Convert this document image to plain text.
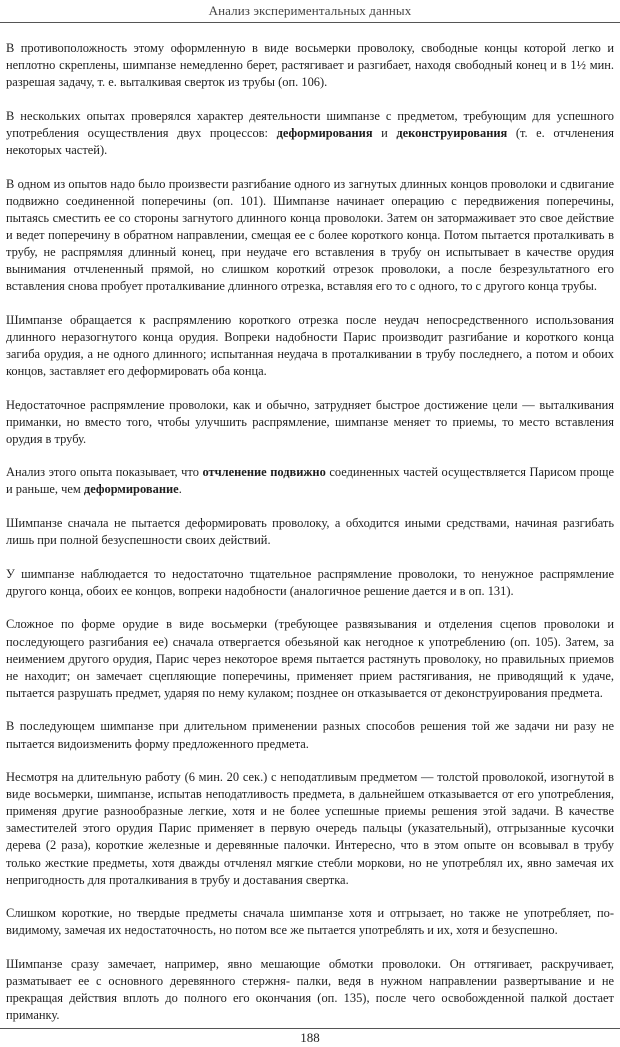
Анализ экспериментальных данных

В противоположность этому оформленную в виде восьмерки проволоку, свободные концы которой легко и неплотно скреплены, шимпанзе немедленно берет, растягивает и разгибает, находя свободный конец и в 1½ мин. разрешая задачу, т. е. выталкивая сверток из трубы (оп. 106).

В нескольких опытах проверялся характер деятельности шимпанзе с предметом, требующим для успешного употребления осуществления двух процессов: деформирования и деконструирования (т. е. отчленения некоторых частей).

В одном из опытов надо было произвести разгибание одного из загнутых длинных концов проволоки и сдвигание подвижно соединенной поперечины (оп. 101). Шимпанзе начинает операцию с передвижения поперечины, пытаясь сместить ее со стороны загнутого длинного конца проволоки. Затем он затормаживает это свое действие и ведет поперечину в обратном направлении, смещая ее с более короткого конца. Потом пытается проталкивать в трубу, не распрямляя длинный конец, при неудаче его вставления в трубу он испытывает в качестве орудия вынимания отчлененный прямой, но слишком короткий отрезок проволоки, а после безрезультатного его вставления снова пробует проталкивание длинного отрезка, вставляя его то с одного, то с другого конца трубы.

Шимпанзе обращается к распрямлению короткого отрезка после неудач непосредственного использования длинного неразогнутого конца орудия. Вопреки надобности Парис производит разгибание и короткого конца загиба орудия, а не одного длинного; испытанная неудача в проталкивании в трубу последнего, а потом и обоих концов, заставляет его деформировать оба конца.

Недостаточное распрямление проволоки, как и обычно, затрудняет быстрое достижение цели — выталкивания приманки, но вместо того, чтобы улучшить распрямление, шимпанзе меняет то приемы, то место вставления орудия в трубу.

Анализ этого опыта показывает, что отчленение подвижно соединенных частей осуществляется Парисом проще и раньше, чем деформирование.

Шимпанзе сначала не пытается деформировать проволоку, а обходится иными средствами, начиная разгибать лишь при полной безуспешности своих действий.

У шимпанзе наблюдается то недостаточно тщательное распрямление проволоки, то ненужное распрямление другого конца, обоих ее концов, вопреки надобности (аналогичное решение дается и в оп. 131).

Сложное по форме орудие в виде восьмерки (требующее развязывания и отделения сцепов проволоки и последующего разгибания ее) сначала отвергается обезьяной как негодное к употреблению (оп. 105). Затем, за неимением другого орудия, Парис через некоторое время пытается растянуть проволоку, но правильных приемов не находит; он замечает сцепляющие поперечины, применяет прием растягивания, не приводящий к удаче, пытается разрушать предмет, ударяя по нему кулаком; позднее он отказывается от деконструирования предмета.

В последующем шимпанзе при длительном применении разных способов решения той же задачи ни разу не пытается видоизменить форму предложенного предмета.

Несмотря на длительную работу (6 мин. 20 сек.) с неподатливым предметом — толстой проволокой, изогнутой в виде восьмерки, шимпанзе, испытав неподатливость предмета, в дальнейшем отказывается от его употребления, применяя другие разнообразные легкие, хотя и не более успешные приемы решения этой задачи. В качестве заместителей этого орудия Парис применяет в первую очередь пальцы (указательный), отгрызанные кусочки дерева (2 раза), короткие железные и деревянные палочки. Интересно, что в этом опыте он всовывал в трубу только жесткие предметы, хотя дважды отчленял мягкие стебли моркови, но не употреблял их, явно замечая их непригодность для проталкивания в трубу и доставания свертка.

Слишком короткие, но твердые предметы сначала шимпанзе хотя и отгрызает, но также не употребляет, по-видимому, замечая их недостаточность, но потом все же пытается употреблять и их, хотя и безуспешно.

Шимпанзе сразу замечает, например, явно мешающие обмотки проволоки. Он оттягивает, раскручивает, разматывает ее с основного деревянного стержня- палки, ведя в нужном направлении развертывание и не прекращая действия вплоть до полного его окончания (оп. 135), после чего освобожденной палкой достает приманку.

188
